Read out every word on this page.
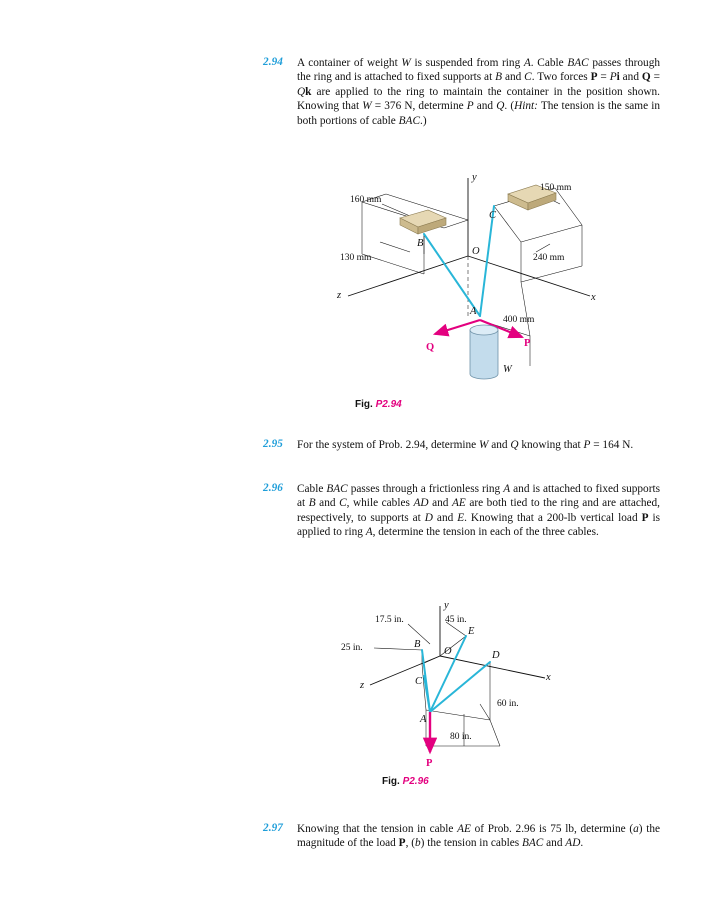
2.94	A container of weight W is suspended from ring A. Cable BAC passes through the ring and is attached to fixed supports at B and C. Two forces P = Pi and Q = Qk are applied to the ring to maintain the container in the position shown. Knowing that W = 376 N, determine P and Q. (Hint: The tension is the same in both portions of cable BAC.)
y
x
z
O
B
C
A
P
Q
W
160 mm
150 mm
130 mm	240 mm
400 mm
Fig. P2.94
2.95	For the system of Prob. 2.94, determine W and Q knowing that P = 164 N.
2.96	Cable BAC passes through a frictionless ring A and is attached to fixed supports at B and C, while cables AD and AE are both tied to the ring and are attached, respectively, to supports at D and E. Knowing that a 200-lb vertical load P is applied to ring A, determine the tension in each of the three cables.
y
x
z
O
B
C
D
E
A
P
17.5 in.	45 in.
25 in.
60 in.
80 in.
Fig. P2.96
2.97	Knowing that the tension in cable AE of Prob. 2.96 is 75 lb, determine (a) the magnitude of the load P, (b) the tension in cables BAC and AD.
